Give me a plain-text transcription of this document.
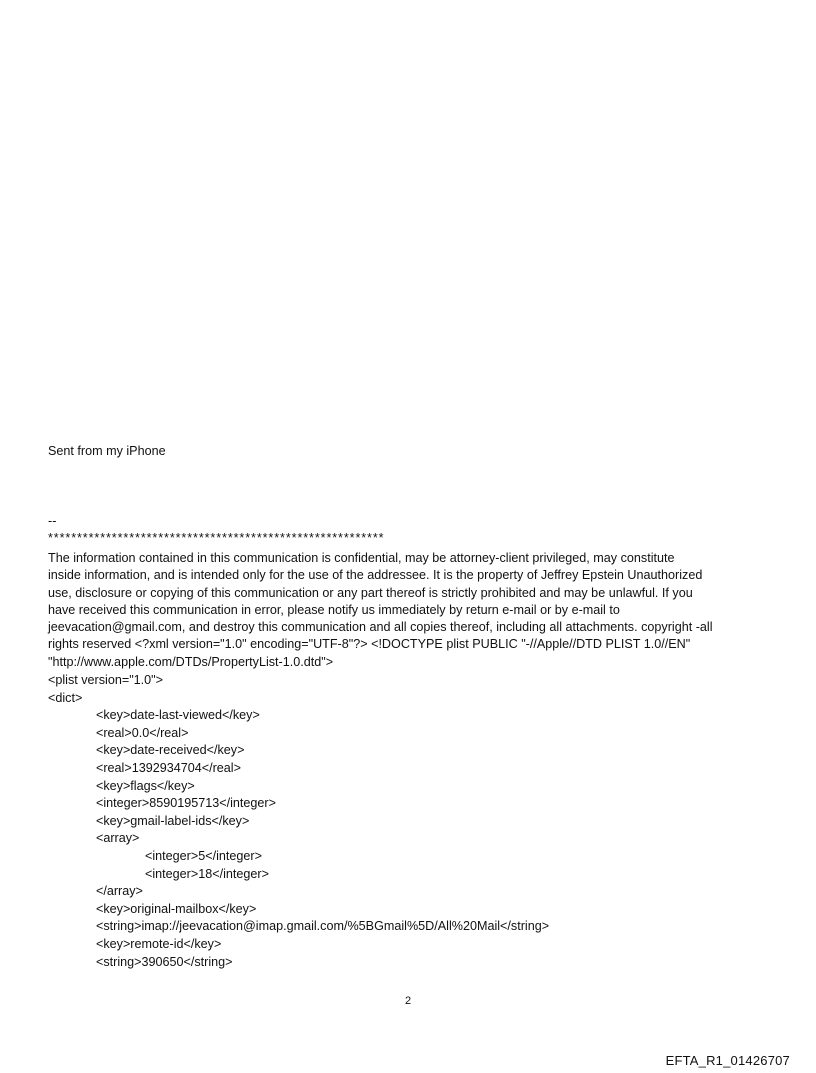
Sent from my iPhone
--
**********************************************************
The information contained in this communication is confidential, may be attorney-client privileged, may constitute
inside information, and is intended only for the use of the addressee. It is the property of Jeffrey Epstein Unauthorized
use, disclosure or copying of this communication or any part thereof is strictly prohibited and may be unlawful. If you
have received this communication in error, please notify us immediately by return e-mail or by e-mail to
jeevacation@gmail.com, and destroy this communication and all copies thereof, including all attachments. copyright -all
rights reserved <?xml version="1.0" encoding="UTF-8"?> <!DOCTYPE plist PUBLIC "-//Apple//DTD PLIST 1.0//EN"
"http://www.apple.com/DTDs/PropertyList-1.0.dtd">
<plist version="1.0">
<dict>
<key>date-last-viewed</key>
<real>0.0</real>
<key>date-received</key>
<real>1392934704</real>
<key>flags</key>
<integer>8590195713</integer>
<key>gmail-label-ids</key>
<array>
<integer>5</integer>
<integer>18</integer>
</array>
<key>original-mailbox</key>
<string>imap://jeevacation@imap.gmail.com/%5BGmail%5D/All%20Mail</string>
<key>remote-id</key>
<string>390650</string>
2
EFTA_R1_01426707
